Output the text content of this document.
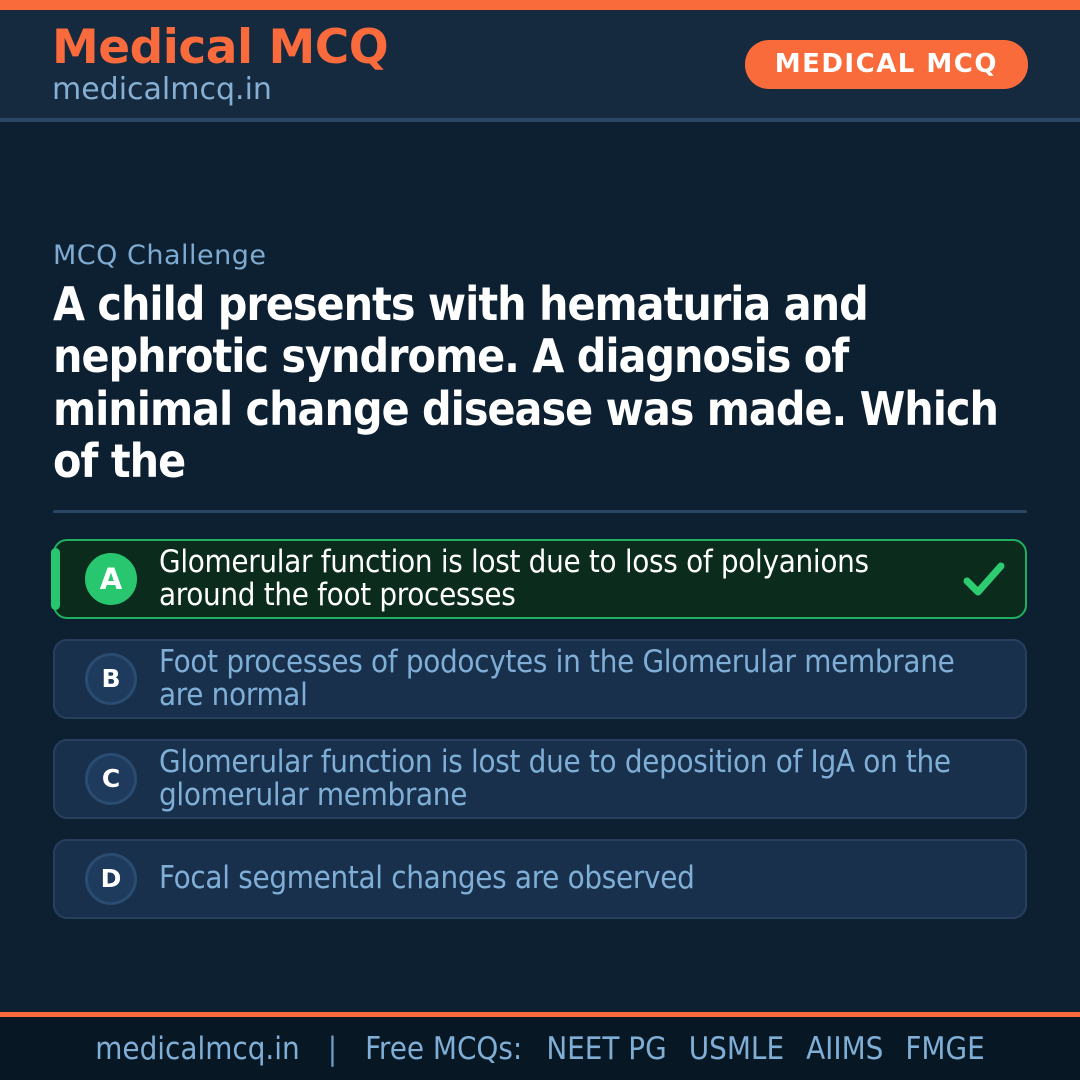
Medical MCQ
medicalmcq.in
MEDICAL MCQ
MCQ Challenge
A child presents with hematuria and nephrotic syndrome. A diagnosis of minimal change disease was made. Which of the
A	Glomerular function is lost due to loss of polyanions around the foot processes
B	Foot processes of podocytes in the Glomerular membrane are normal
C	Glomerular function is lost due to deposition of IgA on the glomerular membrane
D	Focal segmental changes are observed
medicalmcq.in | Free MCQs: NEET PG USMLE AIIMS FMGE
